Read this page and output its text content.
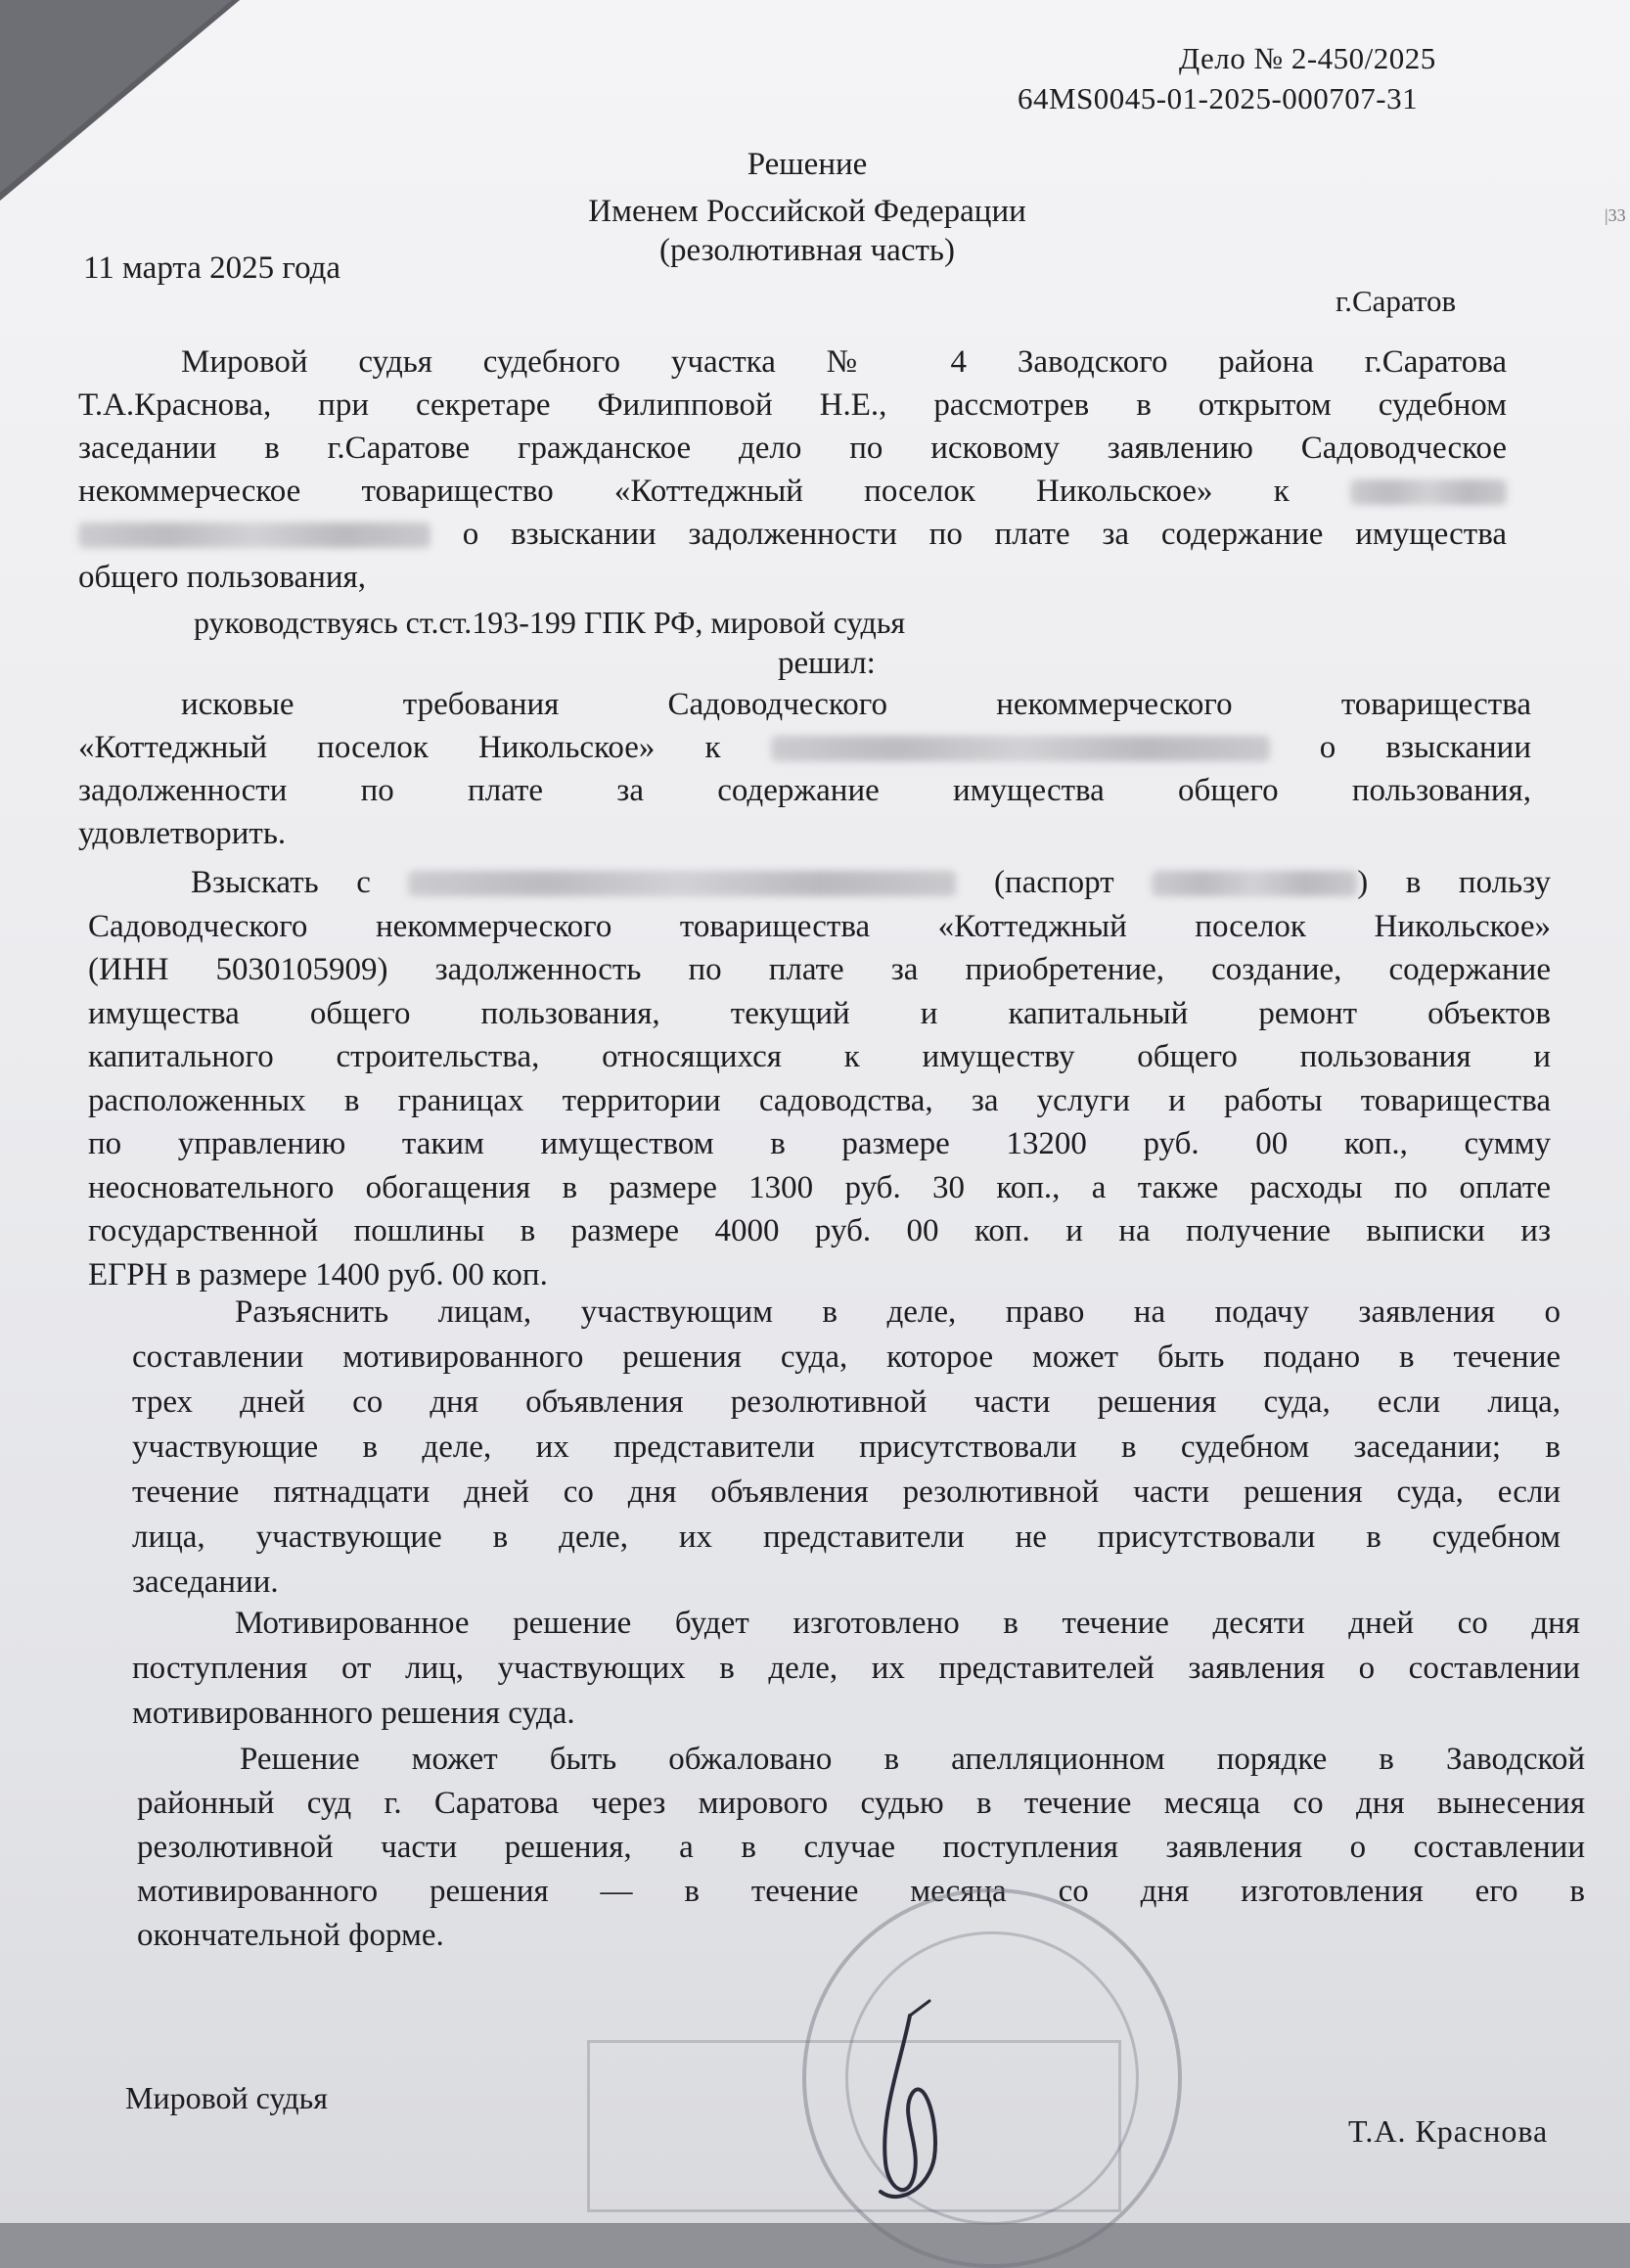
|33
Дело № 2-450/2025
64MS0045-01-2025-000707-31
Решение
Именем Российской Федерации
(резолютивная часть)
11 марта 2025 года
г.Саратов
Мировой судья судебного участка № 4 Заводского района г.Саратова
Т.А.Краснова, при секретаре Филипповой Н.Е., рассмотрев в открытом судебном
заседании в г.Саратове гражданское дело по исковому заявлению Садоводческое
некоммерческое товарищество «Коттеджный поселок Никольское» к
о взыскании задолженности по плате за содержание имущества
общего пользования,
руководствуясь ст.ст.193-199 ГПК РФ, мировой судья
решил:
исковые требования Садоводческого некоммерческого товарищества
«Коттеджный поселок Никольское» к	о взыскании
задолженности по плате за содержание имущества общего пользования,
удовлетворить.
Взыскать с	(паспорт	) в пользу
Садоводческого некоммерческого товарищества «Коттеджный поселок Никольское»
(ИНН 5030105909) задолженность по плате за приобретение, создание, содержание
имущества общего пользования, текущий и капитальный ремонт объектов
капитального строительства, относящихся к имуществу общего пользования и
расположенных в границах территории садоводства, за услуги и работы товарищества
по управлению таким имуществом в размере 13200 руб. 00 коп., сумму
неосновательного обогащения в размере 1300 руб. 30 коп., а также расходы по оплате
государственной пошлины в размере 4000 руб. 00 коп. и на получение выписки из
ЕГРН в размере 1400 руб. 00 коп.
Разъяснить лицам, участвующим в деле, право на подачу заявления о
составлении мотивированного решения суда, которое может быть подано в течение
трех дней со дня объявления резолютивной части решения суда, если лица,
участвующие в деле, их представители присутствовали в судебном заседании; в
течение пятнадцати дней со дня объявления резолютивной части решения суда, если
лица, участвующие в деле, их представители не присутствовали в судебном
заседании.
Мотивированное решение будет изготовлено в течение десяти дней со дня
поступления от лиц, участвующих в деле, их представителей заявления о составлении
мотивированного решения суда.
Решение может быть обжаловано в апелляционном порядке в Заводской
районный суд г. Саратова через мирового судью в течение месяца со дня вынесения
резолютивной части решения, а в случае поступления заявления о составлении
мотивированного решения — в течение месяца со дня изготовления его в
окончательной форме.
Мировой судья
Т.А. Краснова
